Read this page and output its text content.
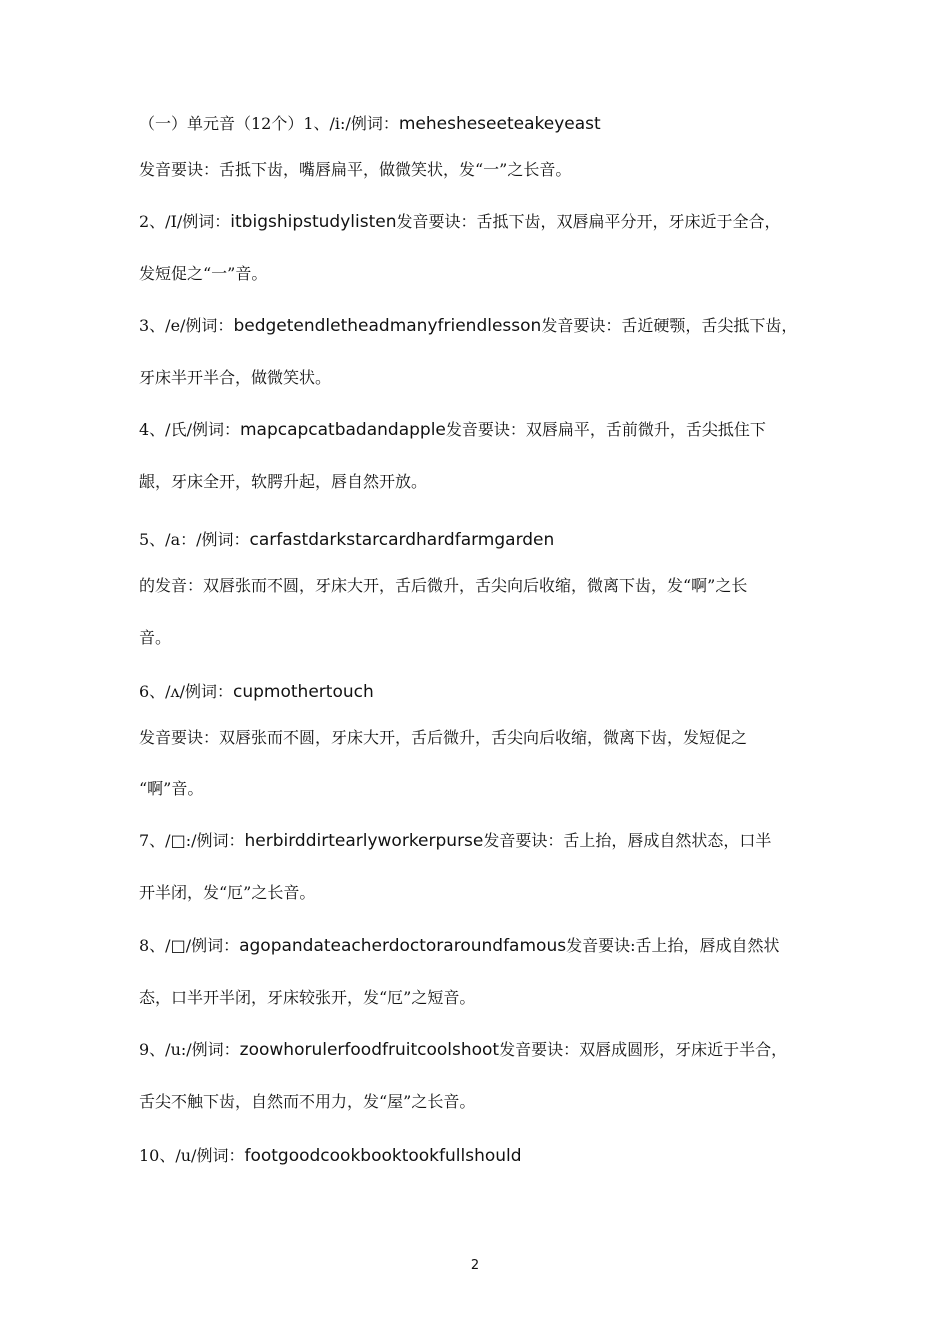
（一）单元音（12个）1、/i:/例词：mehesheseeteakeyeast
发音要诀：舌抵下齿，嘴唇扁平，做微笑状，发“一”之长音。
2、/I/例词：itbigshipstudylisten发音要诀：舌抵下齿，双唇扁平分开，牙床近于全合，
发短促之“一”音。
3、/e/例词：bedgetendletheadmanyfriendlesson发音要诀：舌近硬颚，舌尖抵下齿，
牙床半开半合，做微笑状。
4、/氏/例词：mapcapcatbadandapple发音要诀：双唇扁平，舌前微升，舌尖抵住下
龈，牙床全开，软腭升起，唇自然开放。
5、/a：/例词：carfastdarkstarcardhardfarmgarden
的发音：双唇张而不圆，牙床大开，舌后微升，舌尖向后收缩，微离下齿，发“啊”之长
音。
6、/ʌ/例词：cupmothertouch
发音要诀：双唇张而不圆，牙床大开，舌后微升，舌尖向后收缩，微离下齿，发短促之
“啊”音。
7、/□:/例词：herbirddirtearlyworkerpurse发音要诀：舌上抬，唇成自然状态，口半
开半闭，发“厄”之长音。
8、/□/例词：agopandateacherdoctoraroundfamous发音要诀:舌上抬，唇成自然状
态，口半开半闭，牙床较张开，发“厄”之短音。
9、/u:/例词：zoowhorulerfoodfruitcoolshoot发音要诀：双唇成圆形，牙床近于半合，
舌尖不触下齿，自然而不用力，发“屋”之长音。
10、/u/例词：footgoodcookbooktookfullshould
2
